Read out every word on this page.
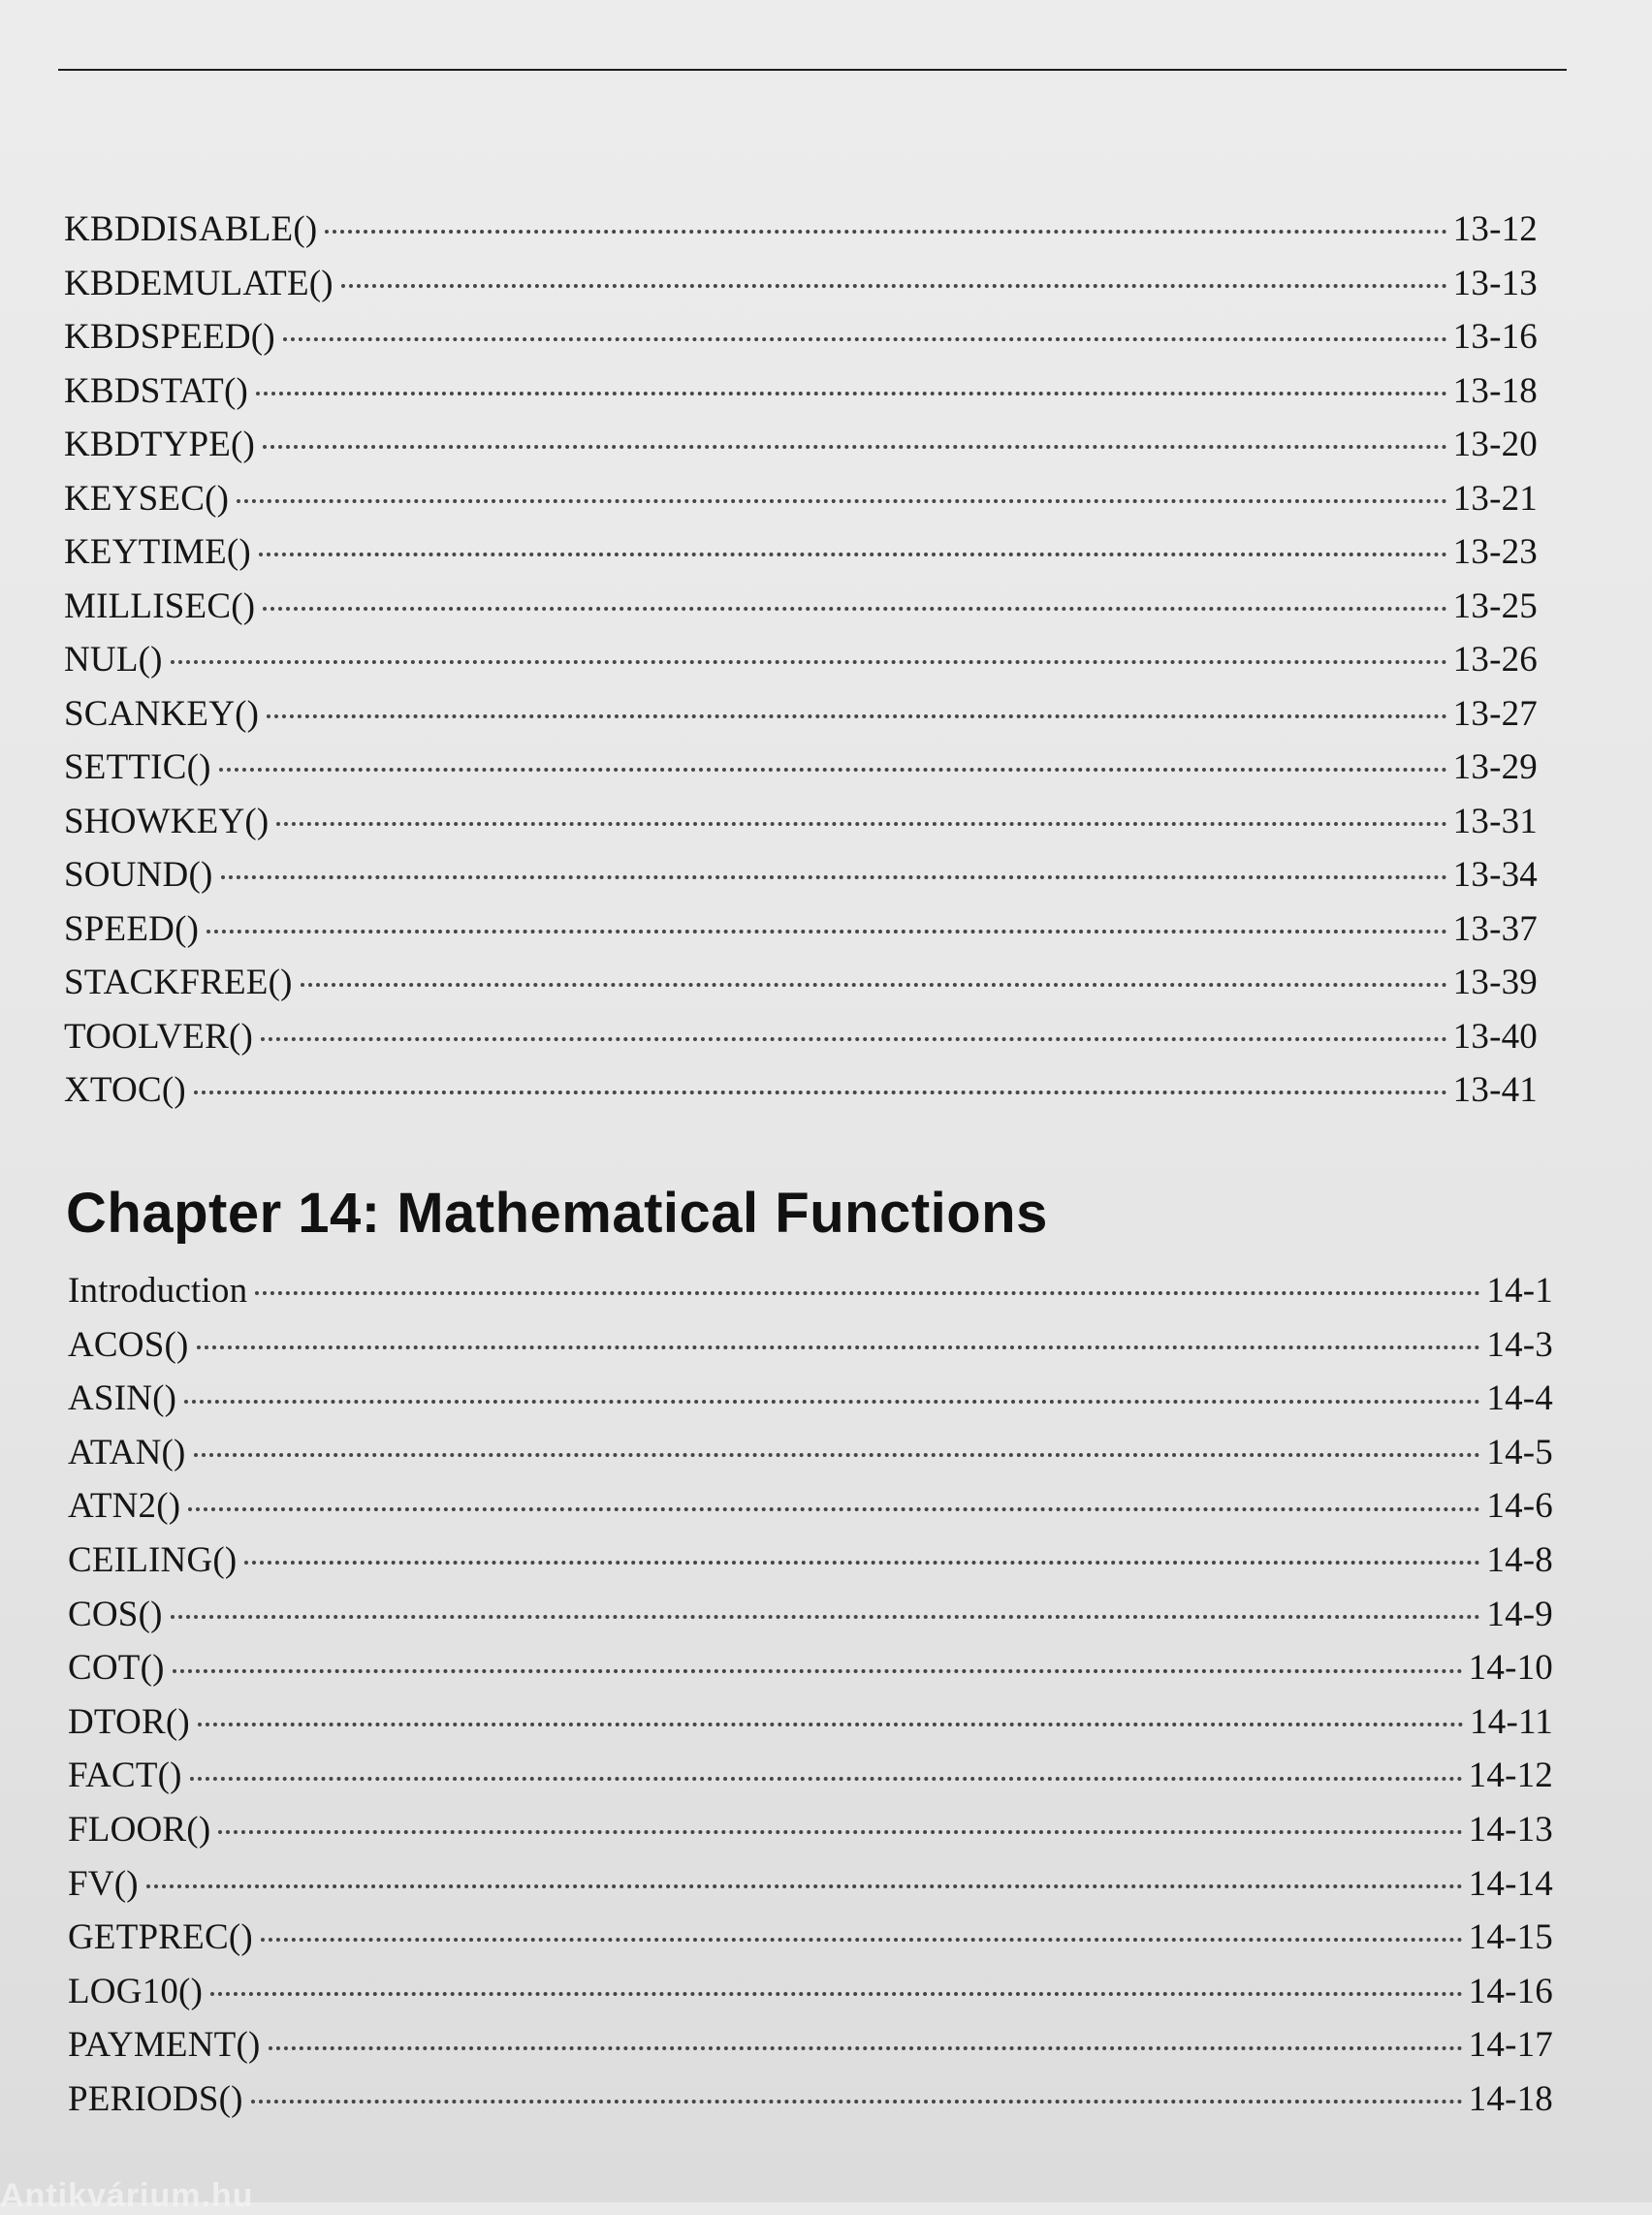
KBDDISABLE()	13-12
KBDEMULATE()	13-13
KBDSPEED()	13-16
KBDSTAT()	13-18
KBDTYPE()	13-20
KEYSEC()	13-21
KEYTIME()	13-23
MILLISEC()	13-25
NUL()	13-26
SCANKEY()	13-27
SETTIC()	13-29
SHOWKEY()	13-31
SOUND()	13-34
SPEED()	13-37
STACKFREE()	13-39
TOOLVER()	13-40
XTOC()	13-41
Chapter 14: Mathematical Functions
Introduction	14-1
ACOS()	14-3
ASIN()	14-4
ATAN()	14-5
ATN2()	14-6
CEILING()	14-8
COS()	14-9
COT()	14-10
DTOR()	14-11
FACT()	14-12
FLOOR()	14-13
FV()	14-14
GETPREC()	14-15
LOG10()	14-16
PAYMENT()	14-17
PERIODS()	14-18
Antikvárium.hu
